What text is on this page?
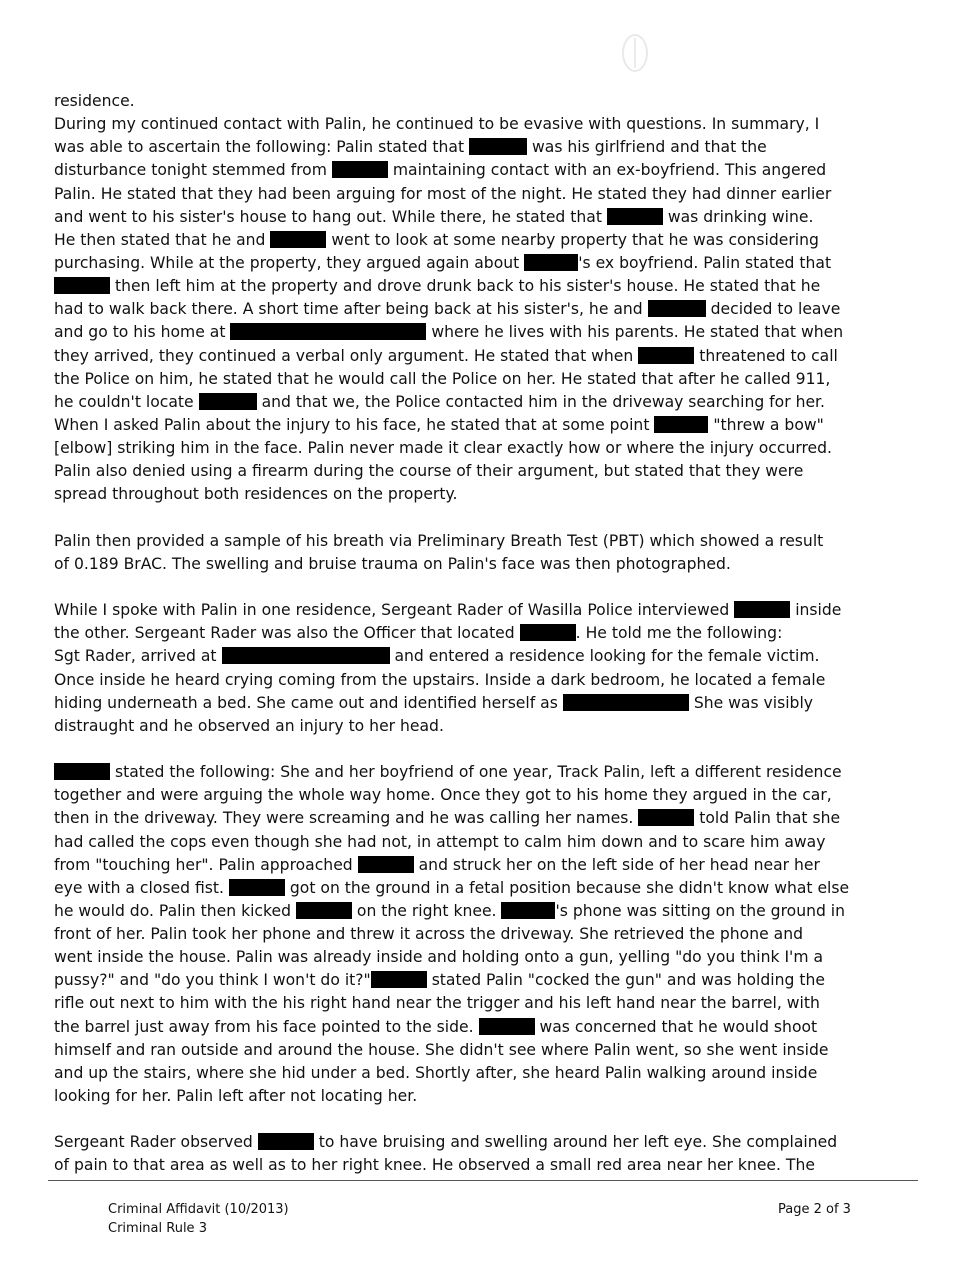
residence.
During my continued contact with Palin, he continued to be evasive with questions. In summary, I
was able to ascertain the following: Palin stated that	was his girlfriend and that the
disturbance tonight stemmed from	maintaining contact with an ex-boyfriend. This angered
Palin. He stated that they had been arguing for most of the night. He stated they had dinner earlier
and went to his sister's house to hang out. While there, he stated that	was drinking wine.
He then stated that he and	went to look at some nearby property that he was considering
purchasing. While at the property, they argued again about	's ex boyfriend. Palin stated that
then left him at the property and drove drunk back to his sister's house. He stated that he
had to walk back there. A short time after being back at his sister's, he and	decided to leave
and go to his home at	where he lives with his parents. He stated that when
they arrived, they continued a verbal only argument. He stated that when	threatened to call
the Police on him, he stated that he would call the Police on her. He stated that after he called 911,
he couldn't locate	and that we, the Police contacted him in the driveway searching for her.
When I asked Palin about the injury to his face, he stated that at some point	"threw a bow"
[elbow] striking him in the face. Palin never made it clear exactly how or where the injury occurred.
Palin also denied using a firearm during the course of their argument, but stated that they were
spread throughout both residences on the property.
Palin then provided a sample of his breath via Preliminary Breath Test (PBT) which showed a result
of 0.189 BrAC. The swelling and bruise trauma on Palin's face was then photographed.
While I spoke with Palin in one residence, Sergeant Rader of Wasilla Police interviewed	inside
the other. Sergeant Rader was also the Officer that located	. He told me the following:
Sgt Rader, arrived at	and entered a residence looking for the female victim.
Once inside he heard crying coming from the upstairs. Inside a dark bedroom, he located a female
hiding underneath a bed. She came out and identified herself as	She was visibly
distraught and he observed an injury to her head.
stated the following: She and her boyfriend of one year, Track Palin, left a different residence
together and were arguing the whole way home. Once they got to his home they argued in the car,
then in the driveway. They were screaming and he was calling her names.	told Palin that she
had called the cops even though she had not, in attempt to calm him down and to scare him away
from "touching her". Palin approached	and struck her on the left side of her head near her
eye with a closed fist.	got on the ground in a fetal position because she didn't know what else
he would do. Palin then kicked	on the right knee.	's phone was sitting on the ground in
front of her. Palin took her phone and threw it across the driveway. She retrieved the phone and
went inside the house. Palin was already inside and holding onto a gun, yelling "do you think I'm a
pussy?" and "do you think I won't do it?"	stated Palin "cocked the gun" and was holding the
rifle out next to him with the his right hand near the trigger and his left hand near the barrel, with
the barrel just away from his face pointed to the side.	was concerned that he would shoot
himself and ran outside and around the house. She didn't see where Palin went, so she went inside
and up the stairs, where she hid under a bed. Shortly after, she heard Palin walking around inside
looking for her. Palin left after not locating her.
Sergeant Rader observed	to have bruising and swelling around her left eye. She complained
of pain to that area as well as to her right knee. He observed a small red area near her knee. The
Criminal Affidavit (10/2013)
Criminal Rule 3
Page 2 of 3
